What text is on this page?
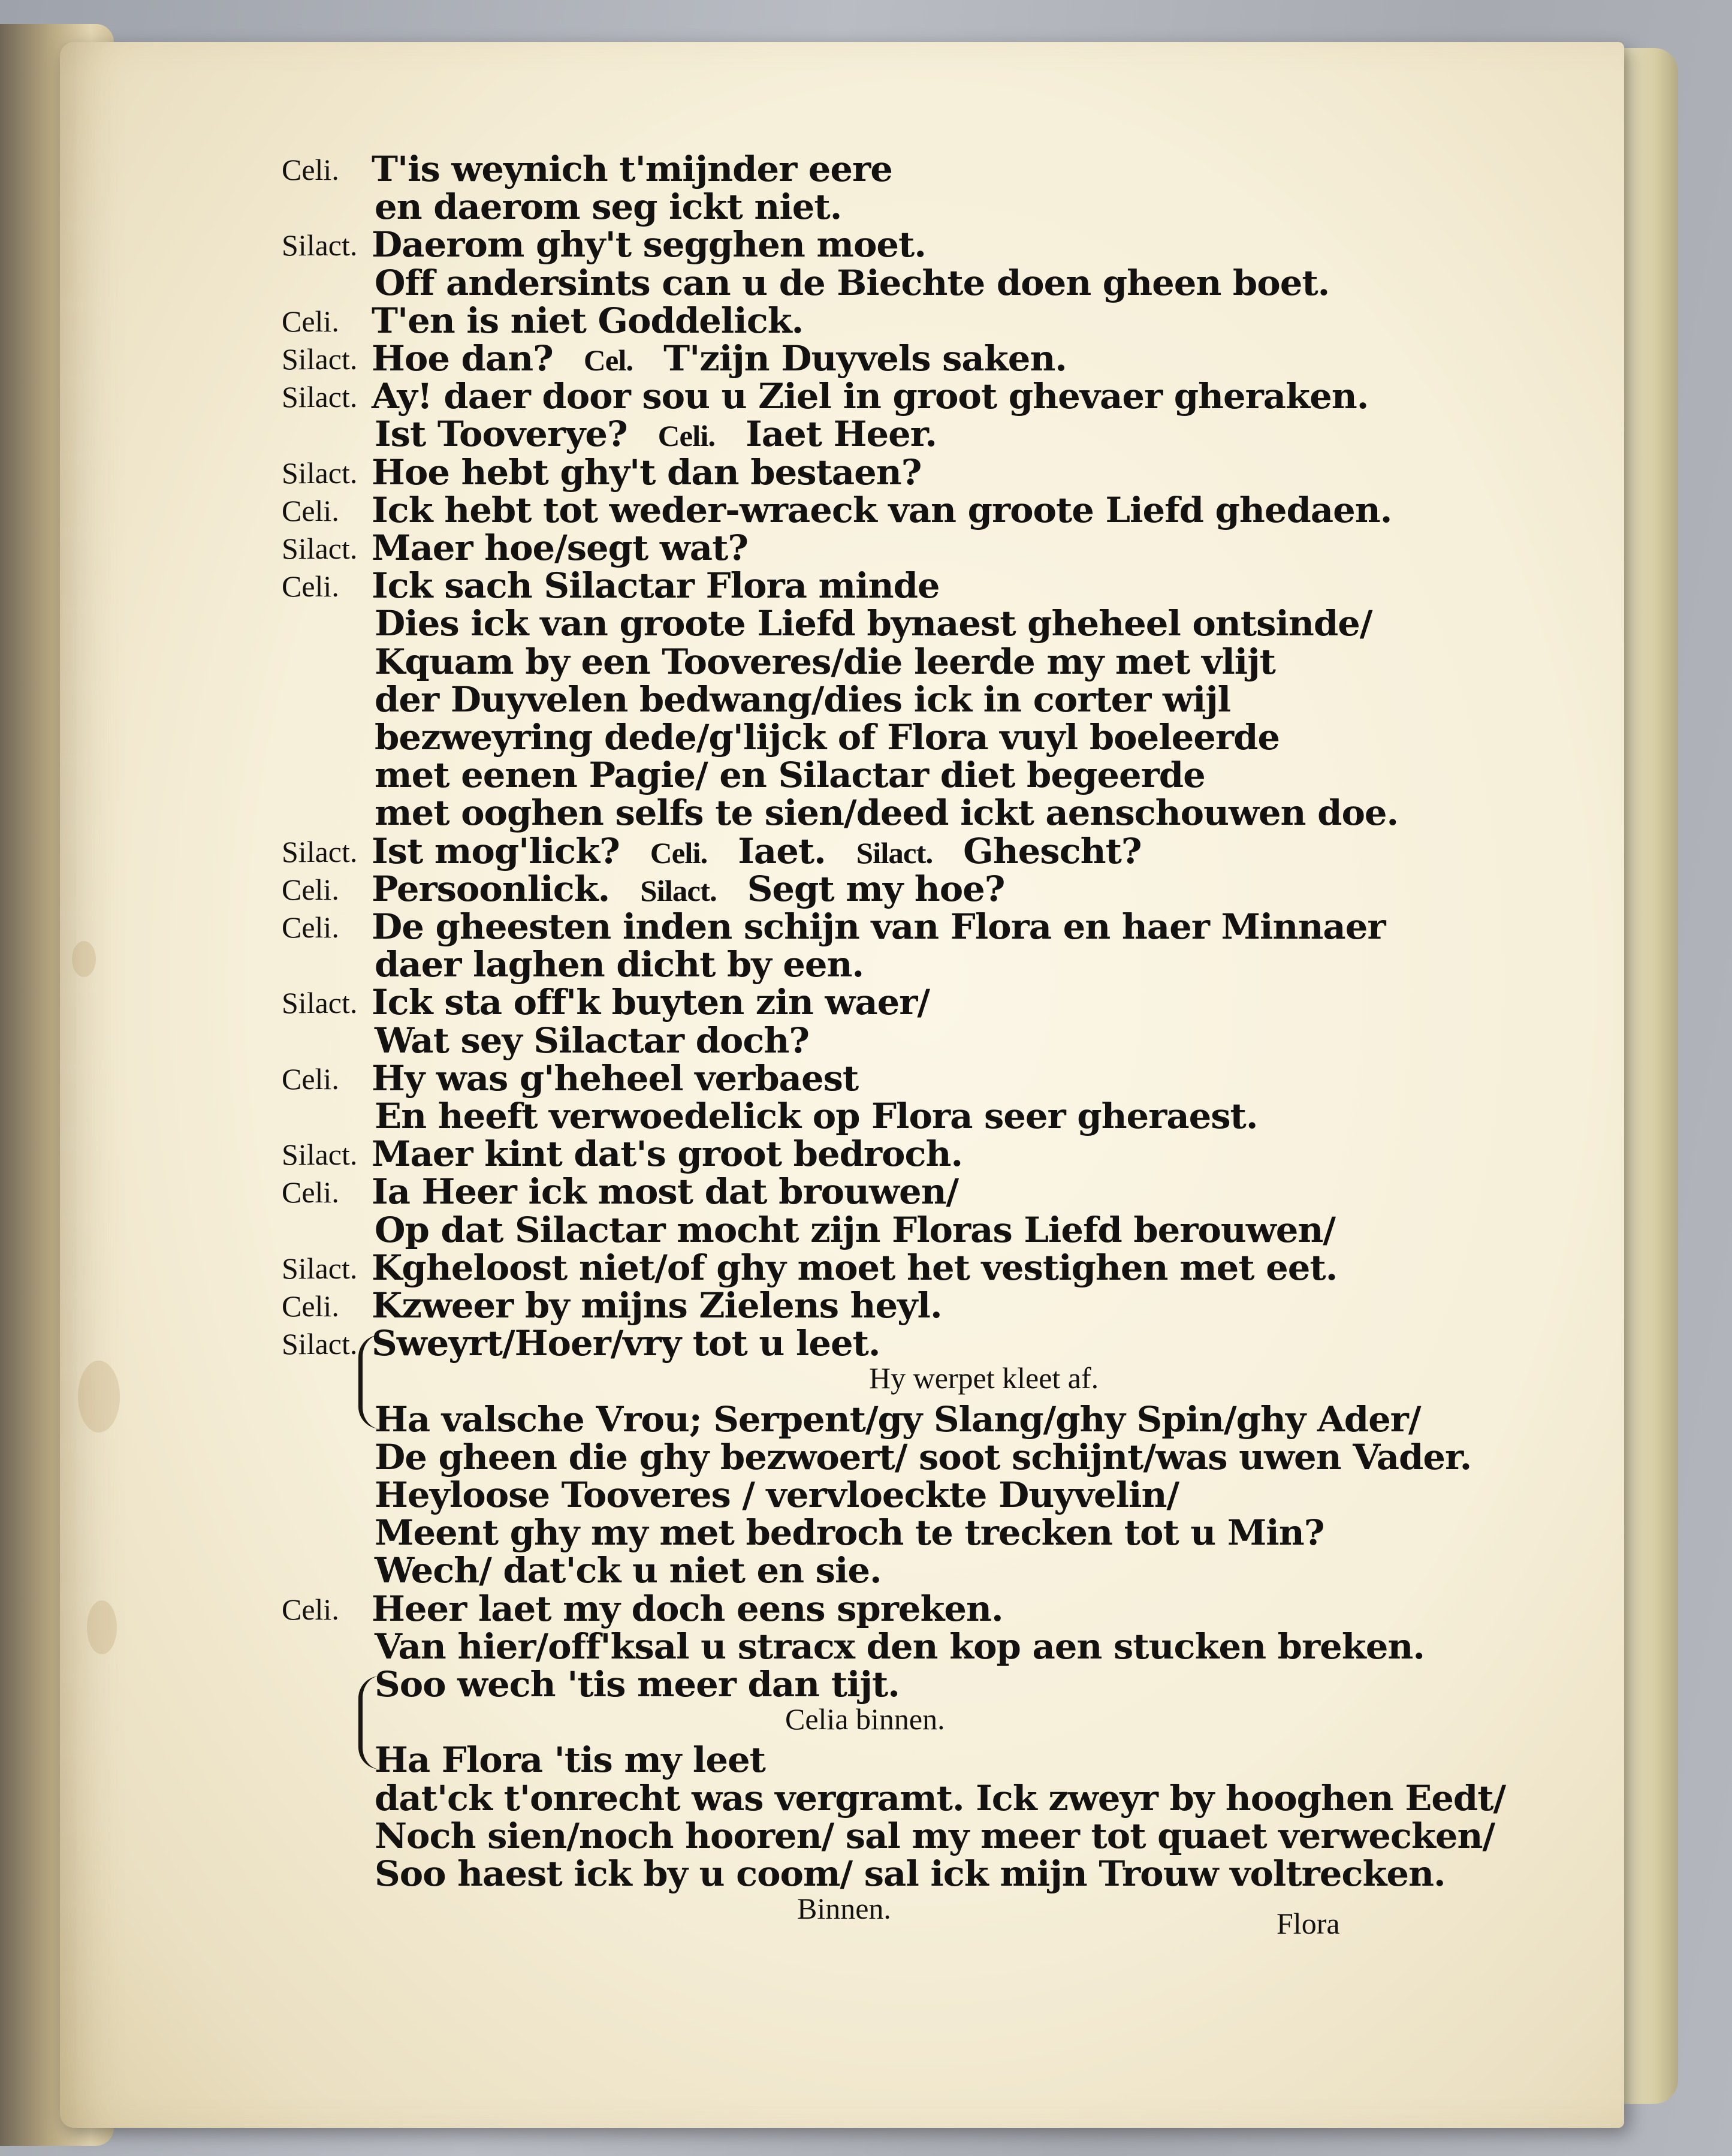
Celi. T'is weynich t'mijnder eere
en daerom seg ickt niet.
Silact. Daerom ghy't segghen moet.
Off andersints can u de Biechte doen gheen boet.
Celi. T'en is niet Goddelick.
Silact. Hoe dan? Cel. T'zijn Duyvels saken.
Silact. Ay! daer door sou u Ziel in groot ghevaer gheraken.
Ist Tooverye? Celi. Iaet Heer.
Silact. Hoe hebt ghy't dan bestaen?
Celi. Ick hebt tot weder-wraeck van groote Liefd ghedaen.
Silact. Maer hoe/segt wat?
Celi. Ick sach Silactar Flora minde
Dies ick van groote Liefd bynaest gheheel ontsinde/
Kquam by een Tooveres/die leerde my met vlijt
der Duyvelen bedwang/dies ick in corter wijl
bezweyring dede/g'lijck of Flora vuyl boeleerde
met eenen Pagie/ en Silactar diet begeerde
met ooghen selfs te sien/deed ickt aenschouwen doe.
Silact. Ist mog'lick? Celi. Iaet. Silact. Ghescht?
Celi. Persoonlick. Silact. Segt my hoe?
Celi. De gheesten inden schijn van Flora en haer Minnaer
daer laghen dicht by een.
Silact. Ick sta off'k buyten zin waer/
Wat sey Silactar doch?
Celi. Hy was g'heheel verbaest
En heeft verwoedelick op Flora seer gheraest.
Silact. Maer kint dat's groot bedroch.
Celi. Ia Heer ick most dat brouwen/
Op dat Silactar mocht zijn Floras Liefd berouwen/
Silact. Kgheloost niet/of ghy moet het vestighen met eet.
Celi. Kzweer by mijns Zielens heyl.
Silact. Sweyrt/Hoer/vry tot u leet.
Hy werpet kleet af.
Ha valsche Vrou; Serpent/gy Slang/ghy Spin/ghy Ader/
De gheen die ghy bezwoert/ soot schijnt/was uwen Vader.
Heyloose Tooveres / vervloeckte Duyvelin/
Meent ghy my met bedroch te trecken tot u Min?
Wech/ dat'ck u niet en sie.
Celi. Heer laet my doch eens spreken.
Van hier/off'ksal u stracx den kop aen stucken breken.
Soo wech 'tis meer dan tijt.
Celia binnen.
Ha Flora 'tis my leet
dat'ck t'onrecht was vergramt. Ick zweyr by hooghen Eedt/
Noch sien/noch hooren/ sal my meer tot quaet verwecken/
Soo haest ick by u coom/ sal ick mijn Trouw voltrecken.
Binnen.	Flora
